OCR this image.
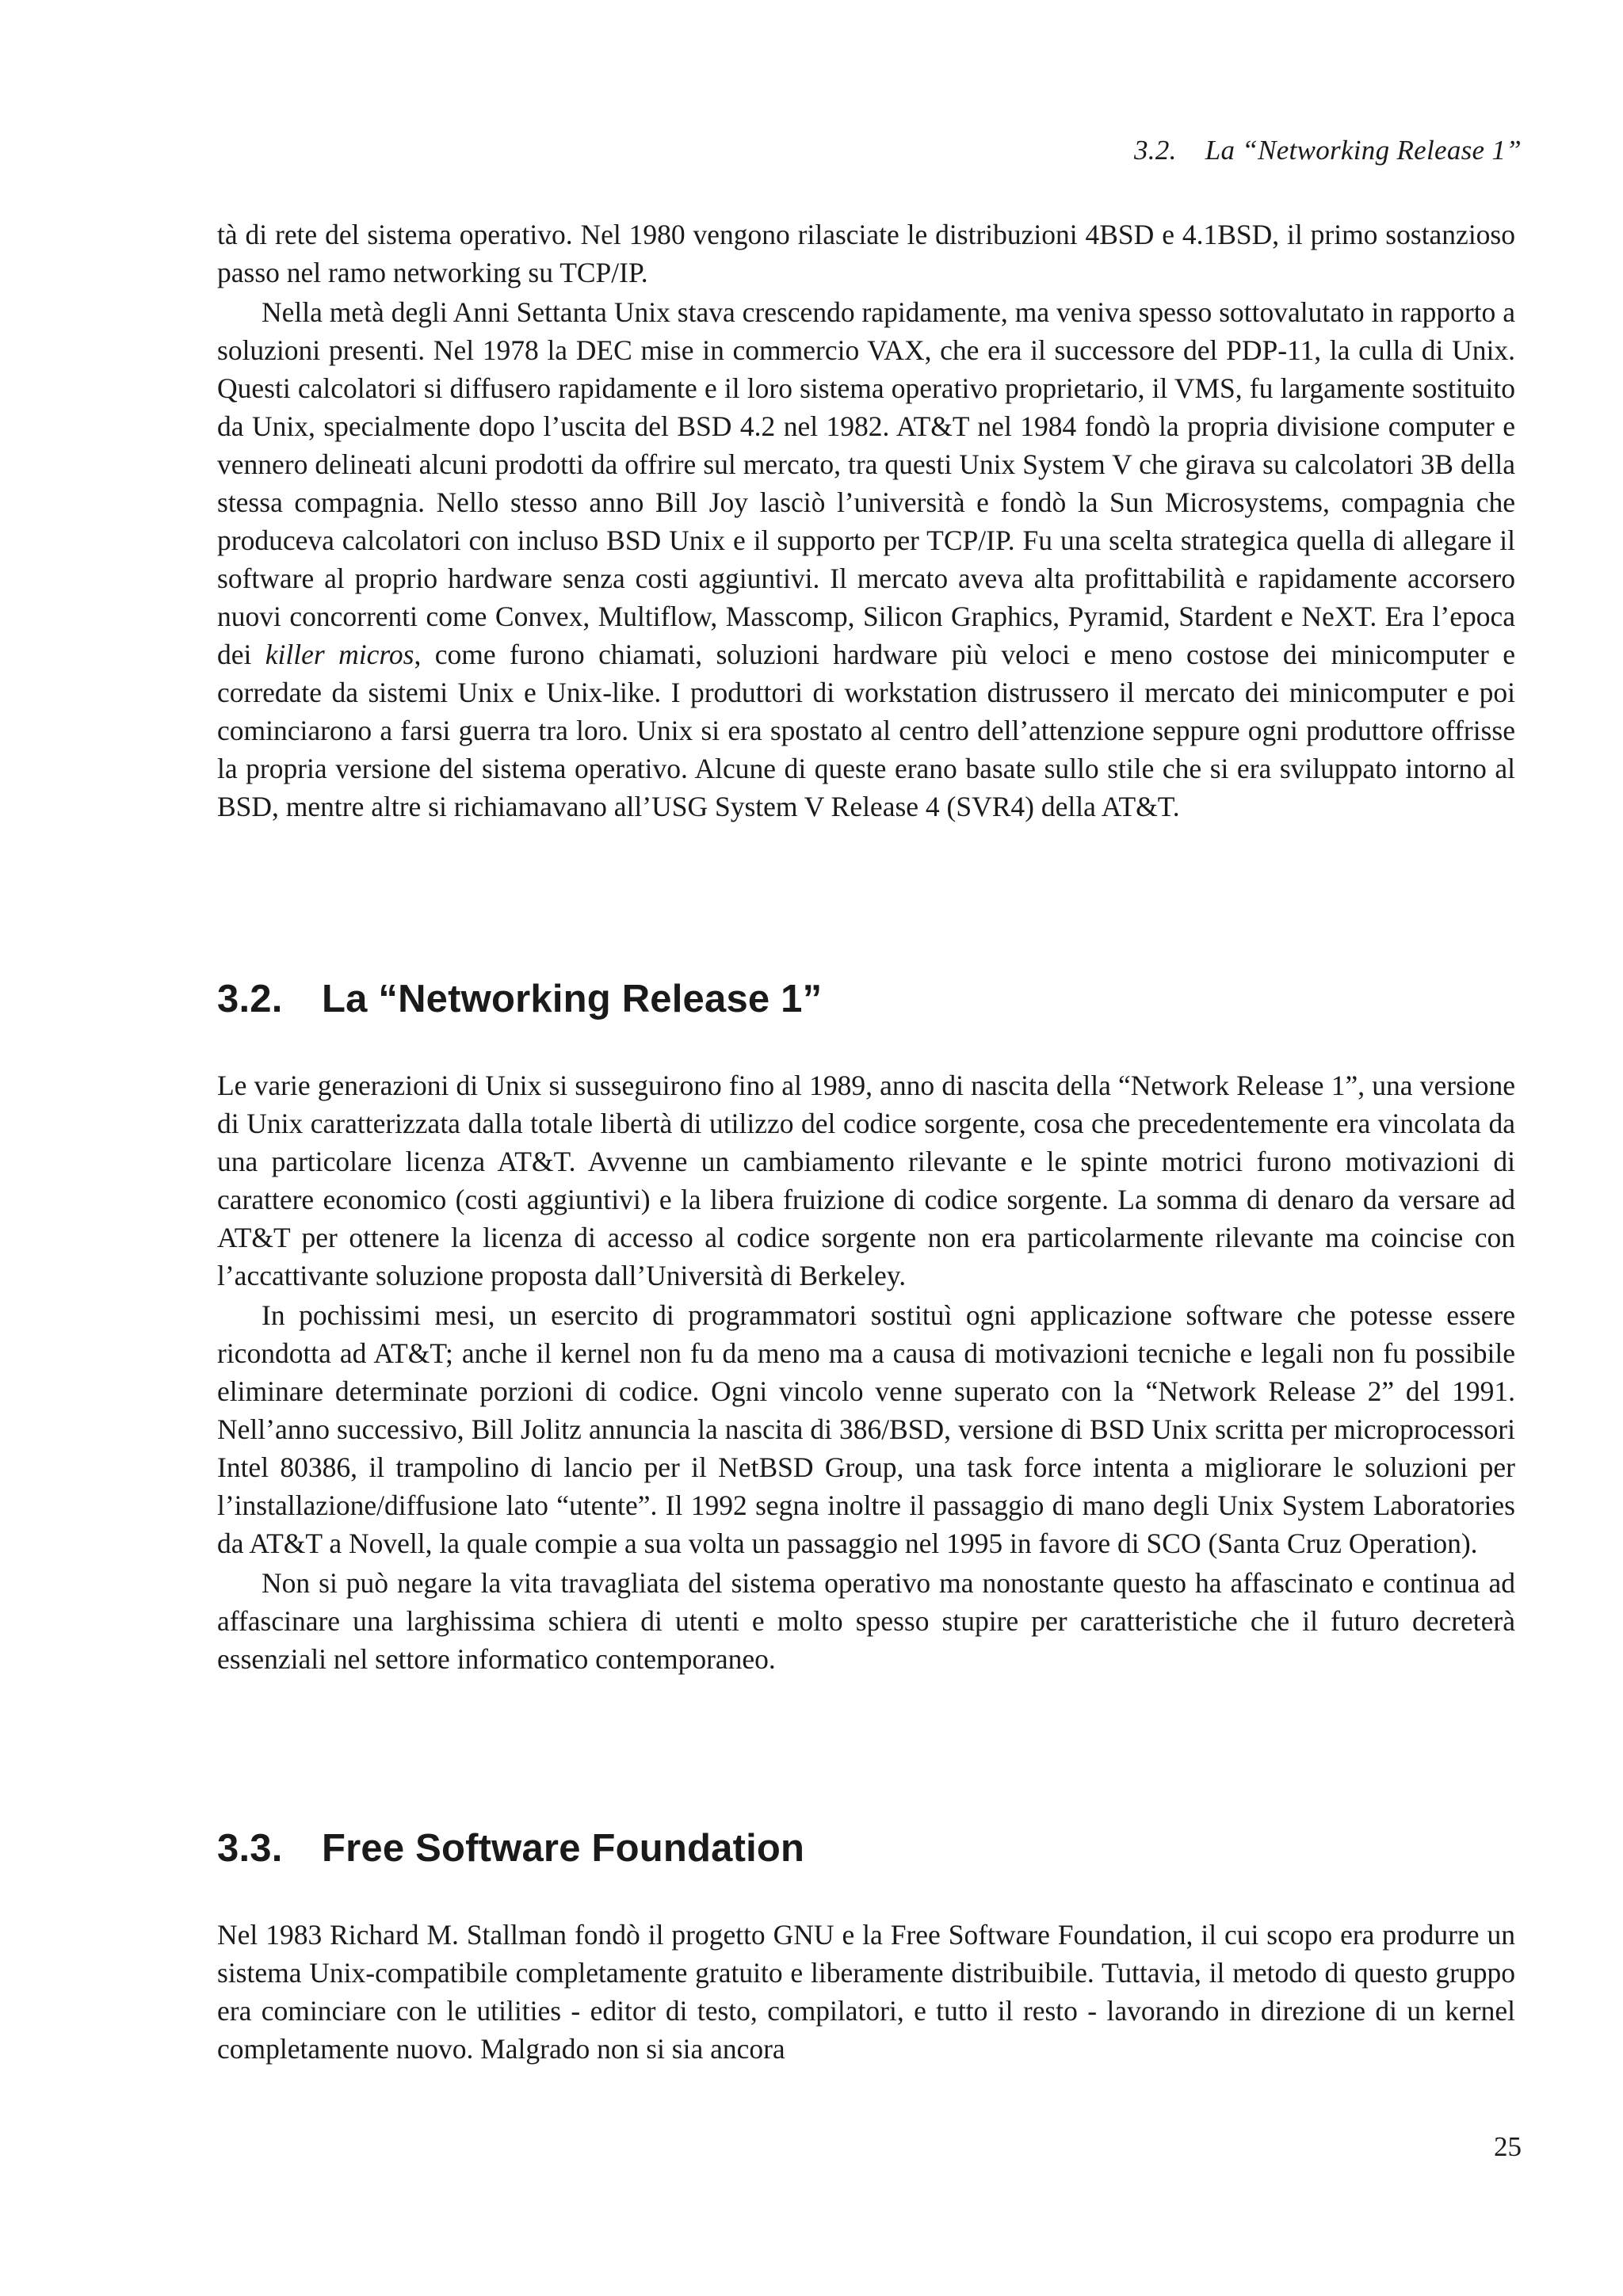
3.2. La “Networking Release 1”

tà di rete del sistema operativo. Nel 1980 vengono rilasciate le distribuzioni 4BSD e 4.1BSD, il primo sostanzioso passo nel ramo networking su TCP/IP.

Nella metà degli Anni Settanta Unix stava crescendo rapidamente, ma veniva spesso sottovalutato in rapporto a soluzioni presenti. Nel 1978 la DEC mise in commercio VAX, che era il successore del PDP-11, la culla di Unix. Questi calcolatori si diffusero rapidamente e il loro sistema operativo proprietario, il VMS, fu largamente sostituito da Unix, specialmente dopo l’uscita del BSD 4.2 nel 1982. AT&T nel 1984 fondò la propria divisione computer e vennero delineati alcuni prodotti da offrire sul mercato, tra questi Unix System V che girava su calcolatori 3B della stessa compagnia. Nello stesso anno Bill Joy lasciò l’università e fondò la Sun Microsystems, compagnia che produceva calcolatori con incluso BSD Unix e il supporto per TCP/IP. Fu una scelta strategica quella di allegare il software al proprio hardware senza costi aggiuntivi. Il mercato aveva alta profittabilità e rapidamente accorsero nuovi concorrenti come Convex, Multiflow, Masscomp, Silicon Graphics, Pyramid, Stardent e NeXT. Era l’epoca dei killer micros, come furono chiamati, soluzioni hardware più veloci e meno costose dei minicomputer e corredate da sistemi Unix e Unix-like. I produttori di workstation distrussero il mercato dei minicomputer e poi cominciarono a farsi guerra tra loro. Unix si era spostato al centro dell’attenzione seppure ogni produttore offrisse la propria versione del sistema operativo. Alcune di queste erano basate sullo stile che si era sviluppato intorno al BSD, mentre altre si richiamavano all’USG System V Release 4 (SVR4) della AT&T.

3.2. La “Networking Release 1”

Le varie generazioni di Unix si susseguirono fino al 1989, anno di nascita della “Network Release 1”, una versione di Unix caratterizzata dalla totale libertà di utilizzo del codice sorgente, cosa che precedentemente era vincolata da una particolare licenza AT&T. Avvenne un cambiamento rilevante e le spinte motrici furono motivazioni di carattere economico (costi aggiuntivi) e la libera fruizione di codice sorgente. La somma di denaro da versare ad AT&T per ottenere la licenza di accesso al codice sorgente non era particolarmente rilevante ma coincise con l’accattivante soluzione proposta dall’Università di Berkeley.

In pochissimi mesi, un esercito di programmatori sostituì ogni applicazione software che potesse essere ricondotta ad AT&T; anche il kernel non fu da meno ma a causa di motivazioni tecniche e legali non fu possibile eliminare determinate porzioni di codice. Ogni vincolo venne superato con la “Network Release 2” del 1991. Nell’anno successivo, Bill Jolitz annuncia la nascita di 386/BSD, versione di BSD Unix scritta per microprocessori Intel 80386, il trampolino di lancio per il NetBSD Group, una task force intenta a migliorare le soluzioni per l’installazione/diffusione lato “utente”. Il 1992 segna inoltre il passaggio di mano degli Unix System Laboratories da AT&T a Novell, la quale compie a sua volta un passaggio nel 1995 in favore di SCO (Santa Cruz Operation).

Non si può negare la vita travagliata del sistema operativo ma nonostante questo ha affascinato e continua ad affascinare una larghissima schiera di utenti e molto spesso stupire per caratteristiche che il futuro decreterà essenziali nel settore informatico contemporaneo.

3.3. Free Software Foundation

Nel 1983 Richard M. Stallman fondò il progetto GNU e la Free Software Foundation, il cui scopo era produrre un sistema Unix-compatibile completamente gratuito e liberamente distribuibile. Tuttavia, il metodo di questo gruppo era cominciare con le utilities - editor di testo, compilatori, e tutto il resto - lavorando in direzione di un kernel completamente nuovo. Malgrado non si sia ancora

25
